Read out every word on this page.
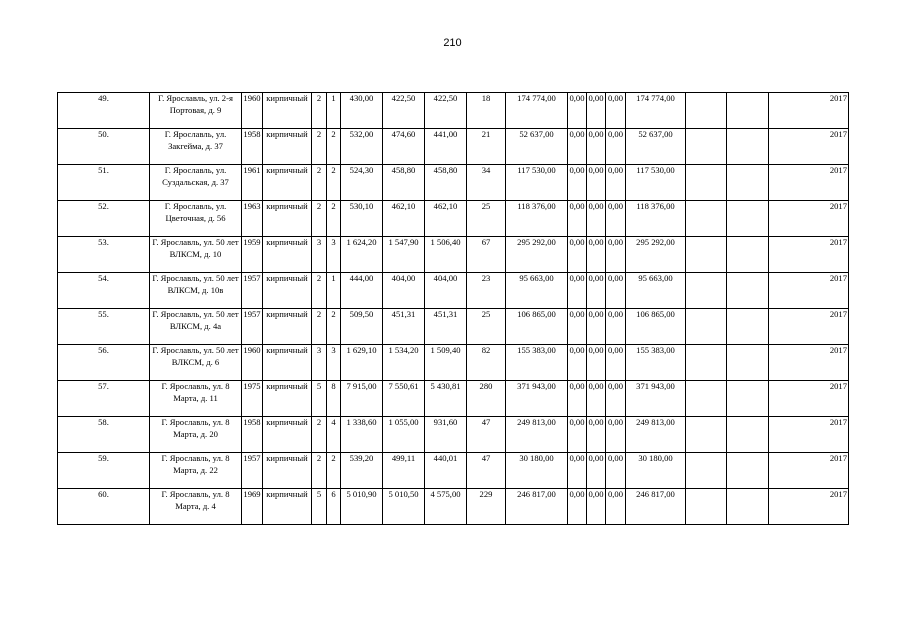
210
49.	Г. Ярославль, ул. 2-я Портовая, д. 9	1960	кирпичный	2	1	430,00	422,50	422,50	18	174 774,00	0,00	0,00	0,00	174 774,00			2017
50.	Г. Ярославль, ул. Закгейма, д. 37	1958	кирпичный	2	2	532,00	474,60	441,00	21	52 637,00	0,00	0,00	0,00	52 637,00			2017
51.	Г. Ярославль, ул. Суздальская, д. 37	1961	кирпичный	2	2	524,30	458,80	458,80	34	117 530,00	0,00	0,00	0,00	117 530,00			2017
52.	Г. Ярославль, ул. Цветочная, д. 56	1963	кирпичный	2	2	530,10	462,10	462,10	25	118 376,00	0,00	0,00	0,00	118 376,00			2017
53.	Г. Ярославль, ул. 50 лет ВЛКСМ, д. 10	1959	кирпичный	3	3	1 624,20	1 547,90	1 506,40	67	295 292,00	0,00	0,00	0,00	295 292,00			2017
54.	Г. Ярославль, ул. 50 лет ВЛКСМ, д. 10в	1957	кирпичный	2	1	444,00	404,00	404,00	23	95 663,00	0,00	0,00	0,00	95 663,00			2017
55.	Г. Ярославль, ул. 50 лет ВЛКСМ, д. 4а	1957	кирпичный	2	2	509,50	451,31	451,31	25	106 865,00	0,00	0,00	0,00	106 865,00			2017
56.	Г. Ярославль, ул. 50 лет ВЛКСМ, д. 6	1960	кирпичный	3	3	1 629,10	1 534,20	1 509,40	82	155 383,00	0,00	0,00	0,00	155 383,00			2017
57.	Г. Ярославль, ул. 8 Марта, д. 11	1975	кирпичный	5	8	7 915,00	7 550,61	5 430,81	280	371 943,00	0,00	0,00	0,00	371 943,00			2017
58.	Г. Ярославль, ул. 8 Марта, д. 20	1958	кирпичный	2	4	1 338,60	1 055,00	931,60	47	249 813,00	0,00	0,00	0,00	249 813,00			2017
59.	Г. Ярославль, ул. 8 Марта, д. 22	1957	кирпичный	2	2	539,20	499,11	440,01	47	30 180,00	0,00	0,00	0,00	30 180,00			2017
60.	Г. Ярославль, ул. 8 Марта, д. 4	1969	кирпичный	5	6	5 010,90	5 010,50	4 575,00	229	246 817,00	0,00	0,00	0,00	246 817,00			2017
